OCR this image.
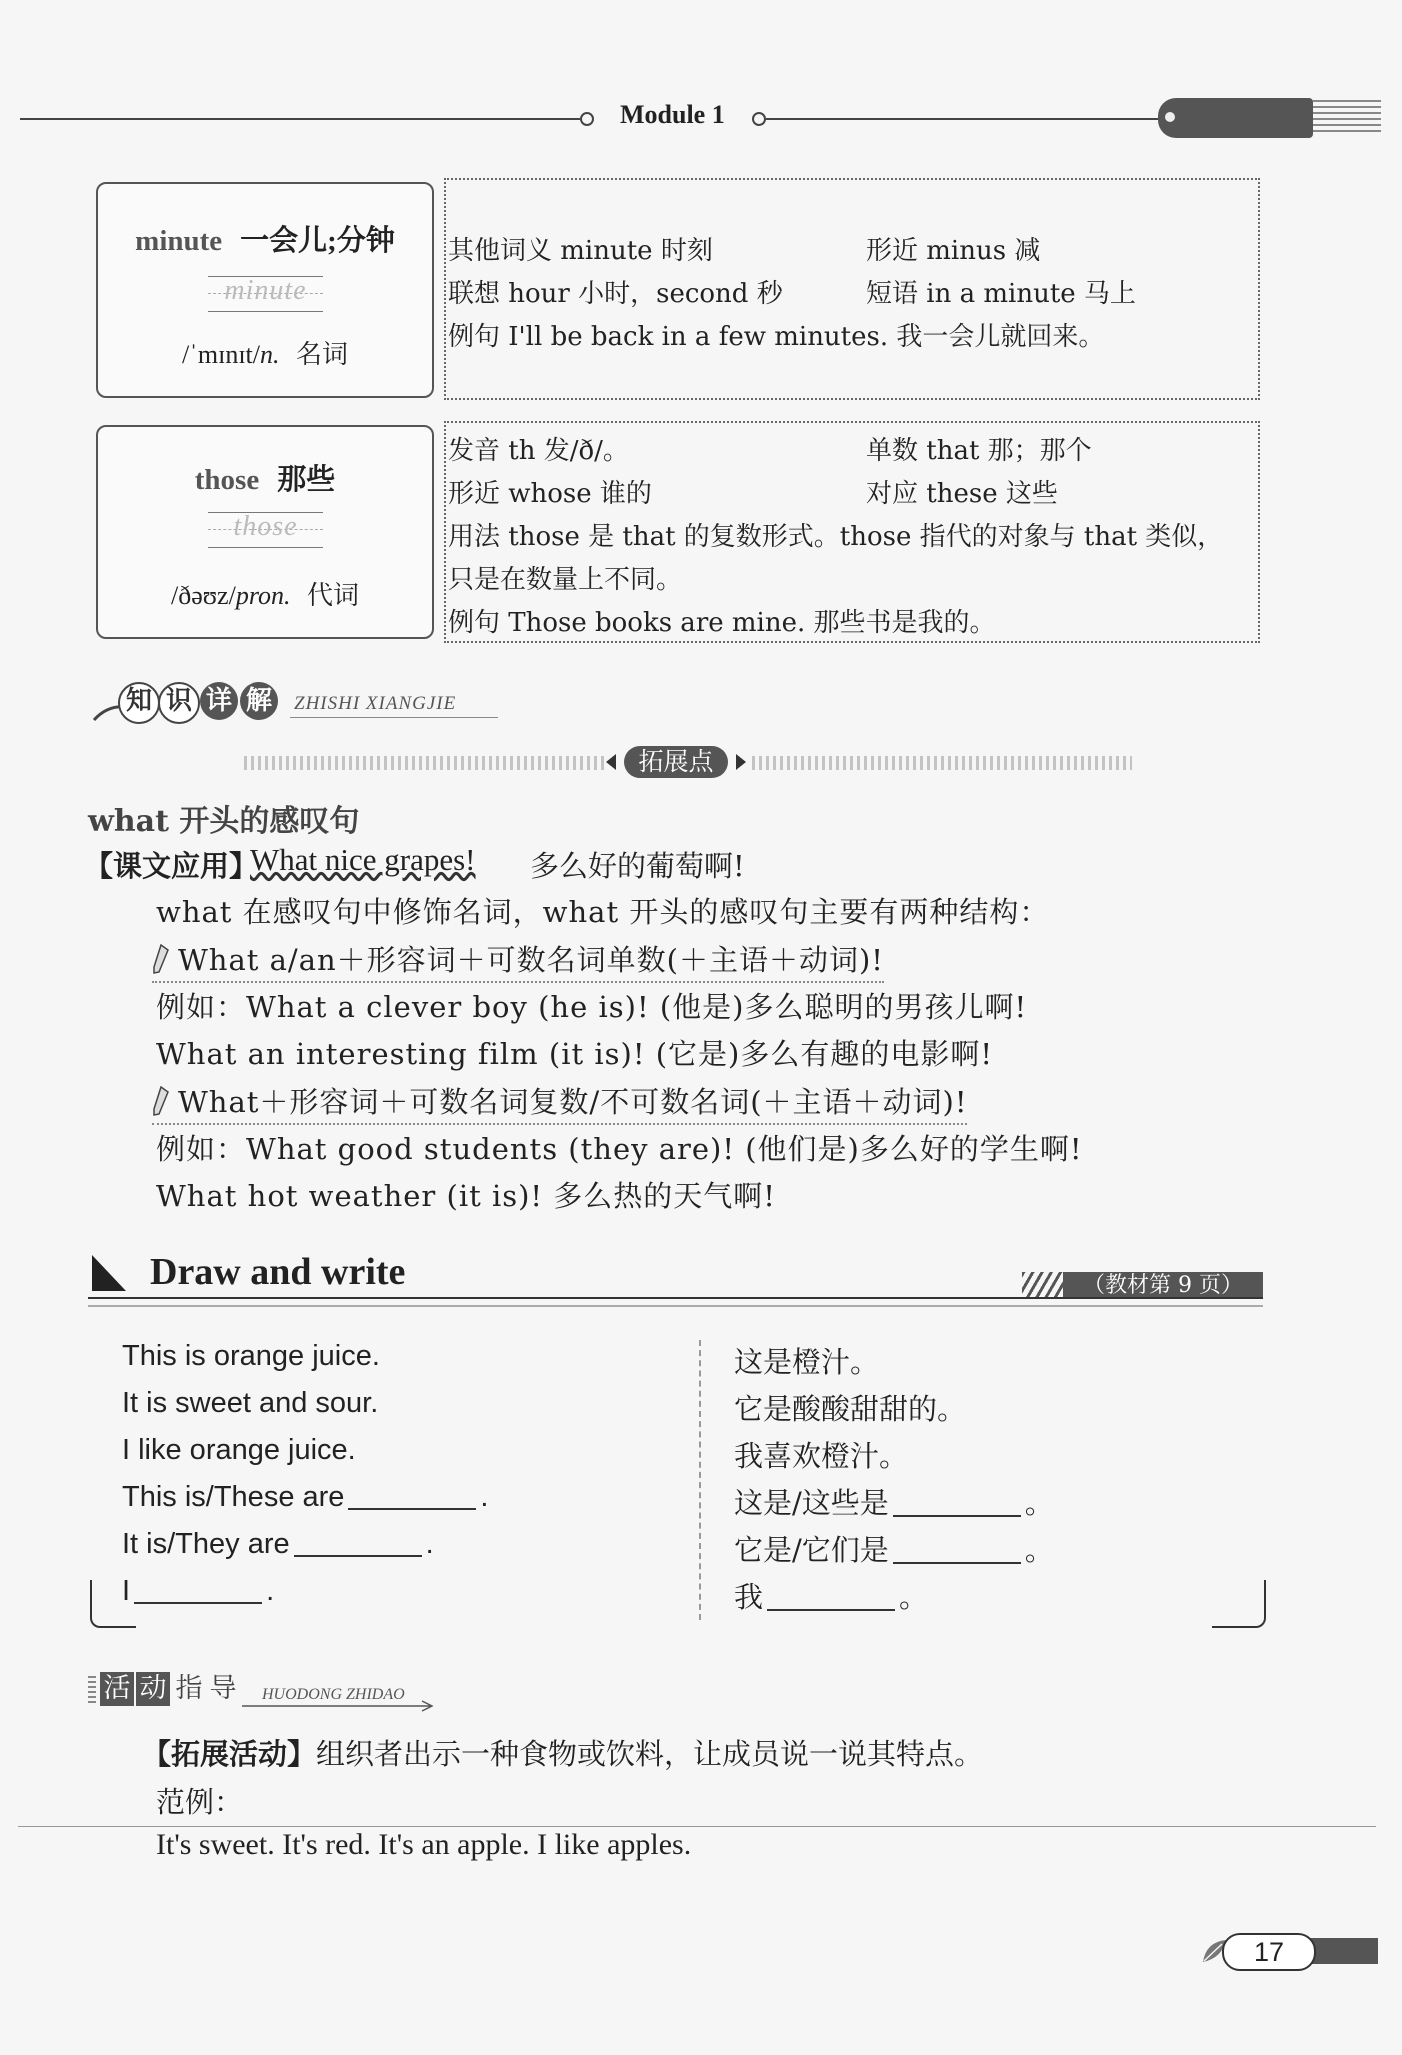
Module 1
minute 一会儿;分钟
minute
/ˈmɪnɪt/n. 名词
其他词义 minute 时刻	形近 minus 减
联想 hour 小时，second 秒	短语 in a minute 马上
例句 I'll be back in a few minutes. 我一会儿就回来。
those 那些
those
/ðəʊz/pron. 代词
发音 th 发/ð/。	单数 that 那；那个
形近 whose 谁的	对应 these 这些
用法 those 是 that 的复数形式。those 指代的对象与 that 类似，
只是在数量上不同。
例句 Those books are mine. 那些书是我的。
知 识 详 解	ZHISHI XIANGJIE
拓展点
what 开头的感叹句
【课文应用】
What nice grapes! 多么好的葡萄啊!
what 在感叹句中修饰名词，what 开头的感叹句主要有两种结构：
What a/an＋形容词＋可数名词单数(＋主语＋动词)!
例如：What a clever boy (he is)! (他是)多么聪明的男孩儿啊!
What an interesting film (it is)! (它是)多么有趣的电影啊!
What＋形容词＋可数名词复数/不可数名词(＋主语＋动词)!
例如：What good students (they are)! (他们是)多么好的学生啊!
What hot weather (it is)! 多么热的天气啊!
Draw and write	（教材第 9 页）
This is orange juice.
It is sweet and sour.
I like orange juice.
This is/These are	.
It is/They are	.
I	.
这是橙汁。
它是酸酸甜甜的。
我喜欢橙汁。
这是/这些是	。
它是/它们是	。
我	。
活 动 指 导 HUODONG ZHIDAO
【拓展活动】组织者出示一种食物或饮料，让成员说一说其特点。
范例：
It's sweet. It's red. It's an apple. I like apples.
17
